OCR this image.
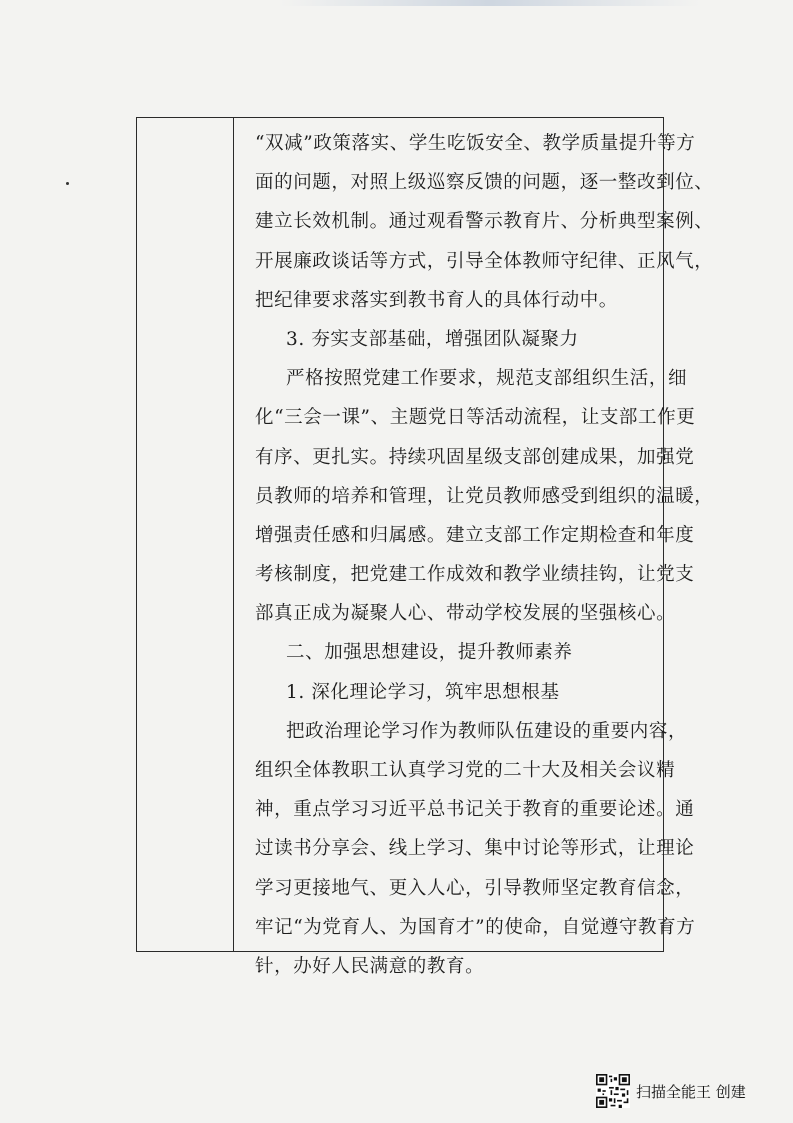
“双减”政策落实、学生吃饭安全、教学质量提升等方
面的问题，对照上级巡察反馈的问题，逐一整改到位、
建立长效机制。通过观看警示教育片、分析典型案例、
开展廉政谈话等方式，引导全体教师守纪律、正风气，
把纪律要求落实到教书育人的具体行动中。
3. 夯实支部基础，增强团队凝聚力
严格按照党建工作要求，规范支部组织生活，细
化“三会一课”、主题党日等活动流程，让支部工作更
有序、更扎实。持续巩固星级支部创建成果，加强党
员教师的培养和管理，让党员教师感受到组织的温暖，
增强责任感和归属感。建立支部工作定期检查和年度
考核制度，把党建工作成效和教学业绩挂钩，让党支
部真正成为凝聚人心、带动学校发展的坚强核心。
二、加强思想建设，提升教师素养
1. 深化理论学习，筑牢思想根基
把政治理论学习作为教师队伍建设的重要内容，
组织全体教职工认真学习党的二十大及相关会议精
神，重点学习习近平总书记关于教育的重要论述。通
过读书分享会、线上学习、集中讨论等形式，让理论
学习更接地气、更入人心，引导教师坚定教育信念，
牢记“为党育人、为国育才”的使命，自觉遵守教育方
针，办好人民满意的教育。
扫描全能王 创建
